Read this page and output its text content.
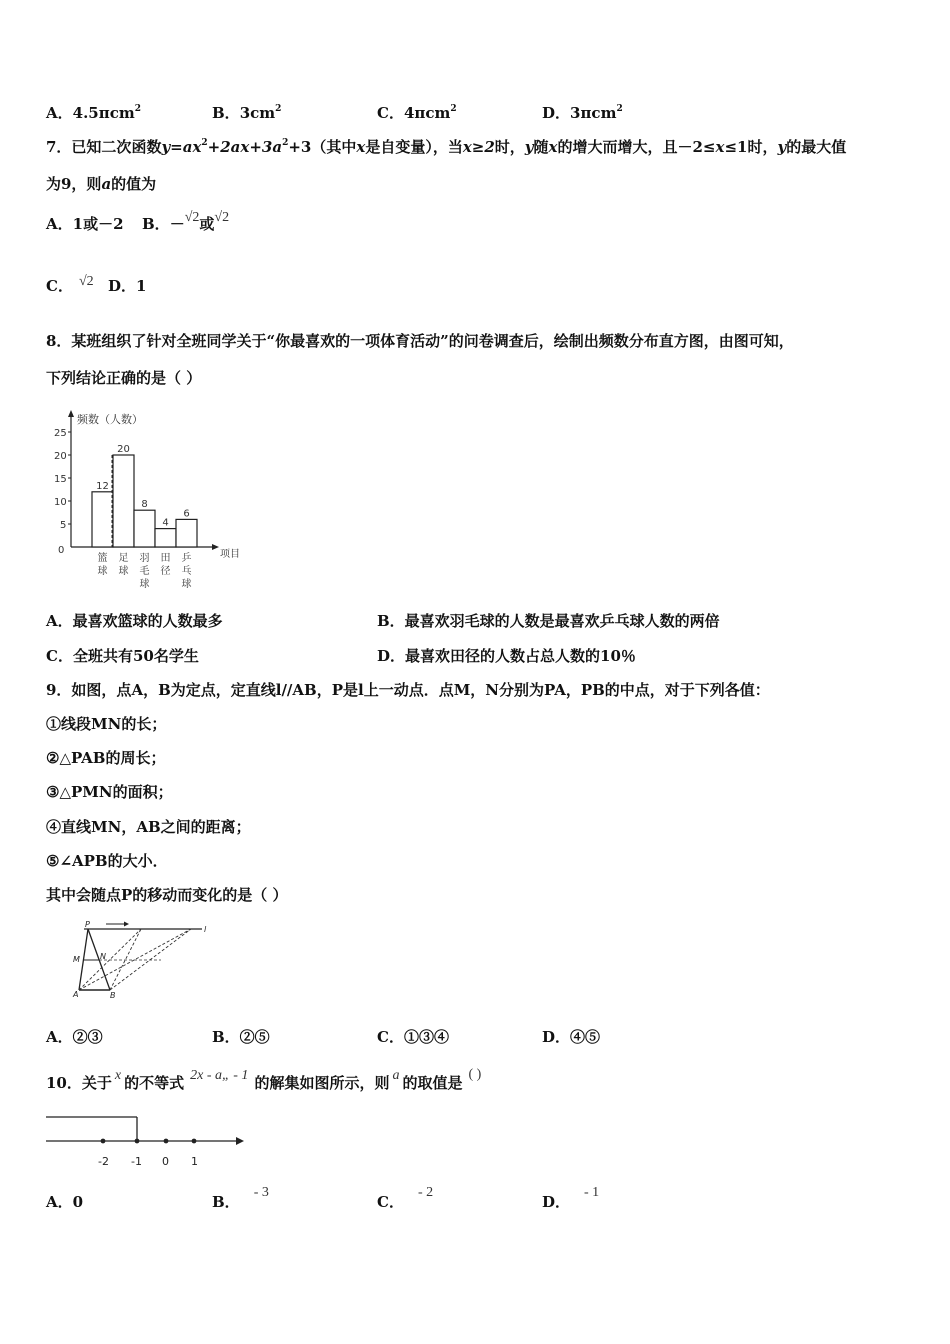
A．4.5πcm$^2$	B．$3cm^2$	C．4πcm$^2$	D．3πcm$^2$
7．已知二次函数$y=ax^2+2ax+3a^2+3$（其中x是自变量），当x≥2时，y随x的增大而增大，且－2≤x≤1时，y的最大值
为9，则a的值为
A．1或－2 B．－√2或√2
C． √2 D．1
8．某班组织了针对全班同学关于“你最喜欢的一项体育活动”的问卷调查后，绘制出频数分布直方图，由图可知，
下列结论正确的是（ ）
频数（人数）
项目
0
5
10
15
20
25
12
篮
球
20
足
球
8
羽
毛
球
4
田
径
6
乒
乓
球
A．最喜欢篮球的人数最多	B．最喜欢羽毛球的人数是最喜欢乒乓球人数的两倍
C．全班共有50名学生	D．最喜欢田径的人数占总人数的10％
9．如图，点A，B为定点，定直线l//AB，P是l上一动点．点M，N分别为PA，PB的中点，对于下列各值：
①线段MN的长；
②△PAB的周长；
③△PMN的面积；
④直线MN，AB之间的距离；
⑤∠APB的大小．
其中会随点P的移动而变化的是（ ）
P
l
M	N
A	B
A．②③	B．②⑤	C．①③④	D．④⑤
10．关于 x 的不等式 2x - a„ - 1 的解集如图所示，则 a 的取值是 ( )
-2 -1 0 1
A．0	B．- 3
C．- 2
D．- 1
